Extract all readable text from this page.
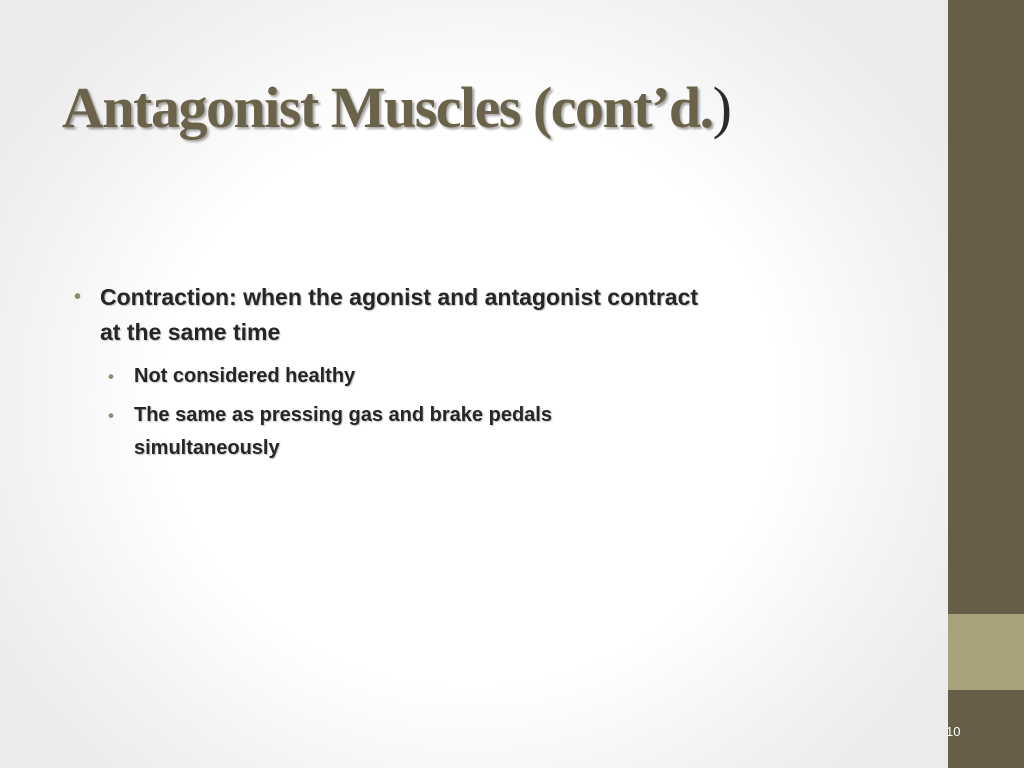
Antagonist Muscles (cont’d.)
• Contraction: when the agonist and antagonist contract at the same time
• Not considered healthy
• The same as pressing gas and brake pedals simultaneously
10
